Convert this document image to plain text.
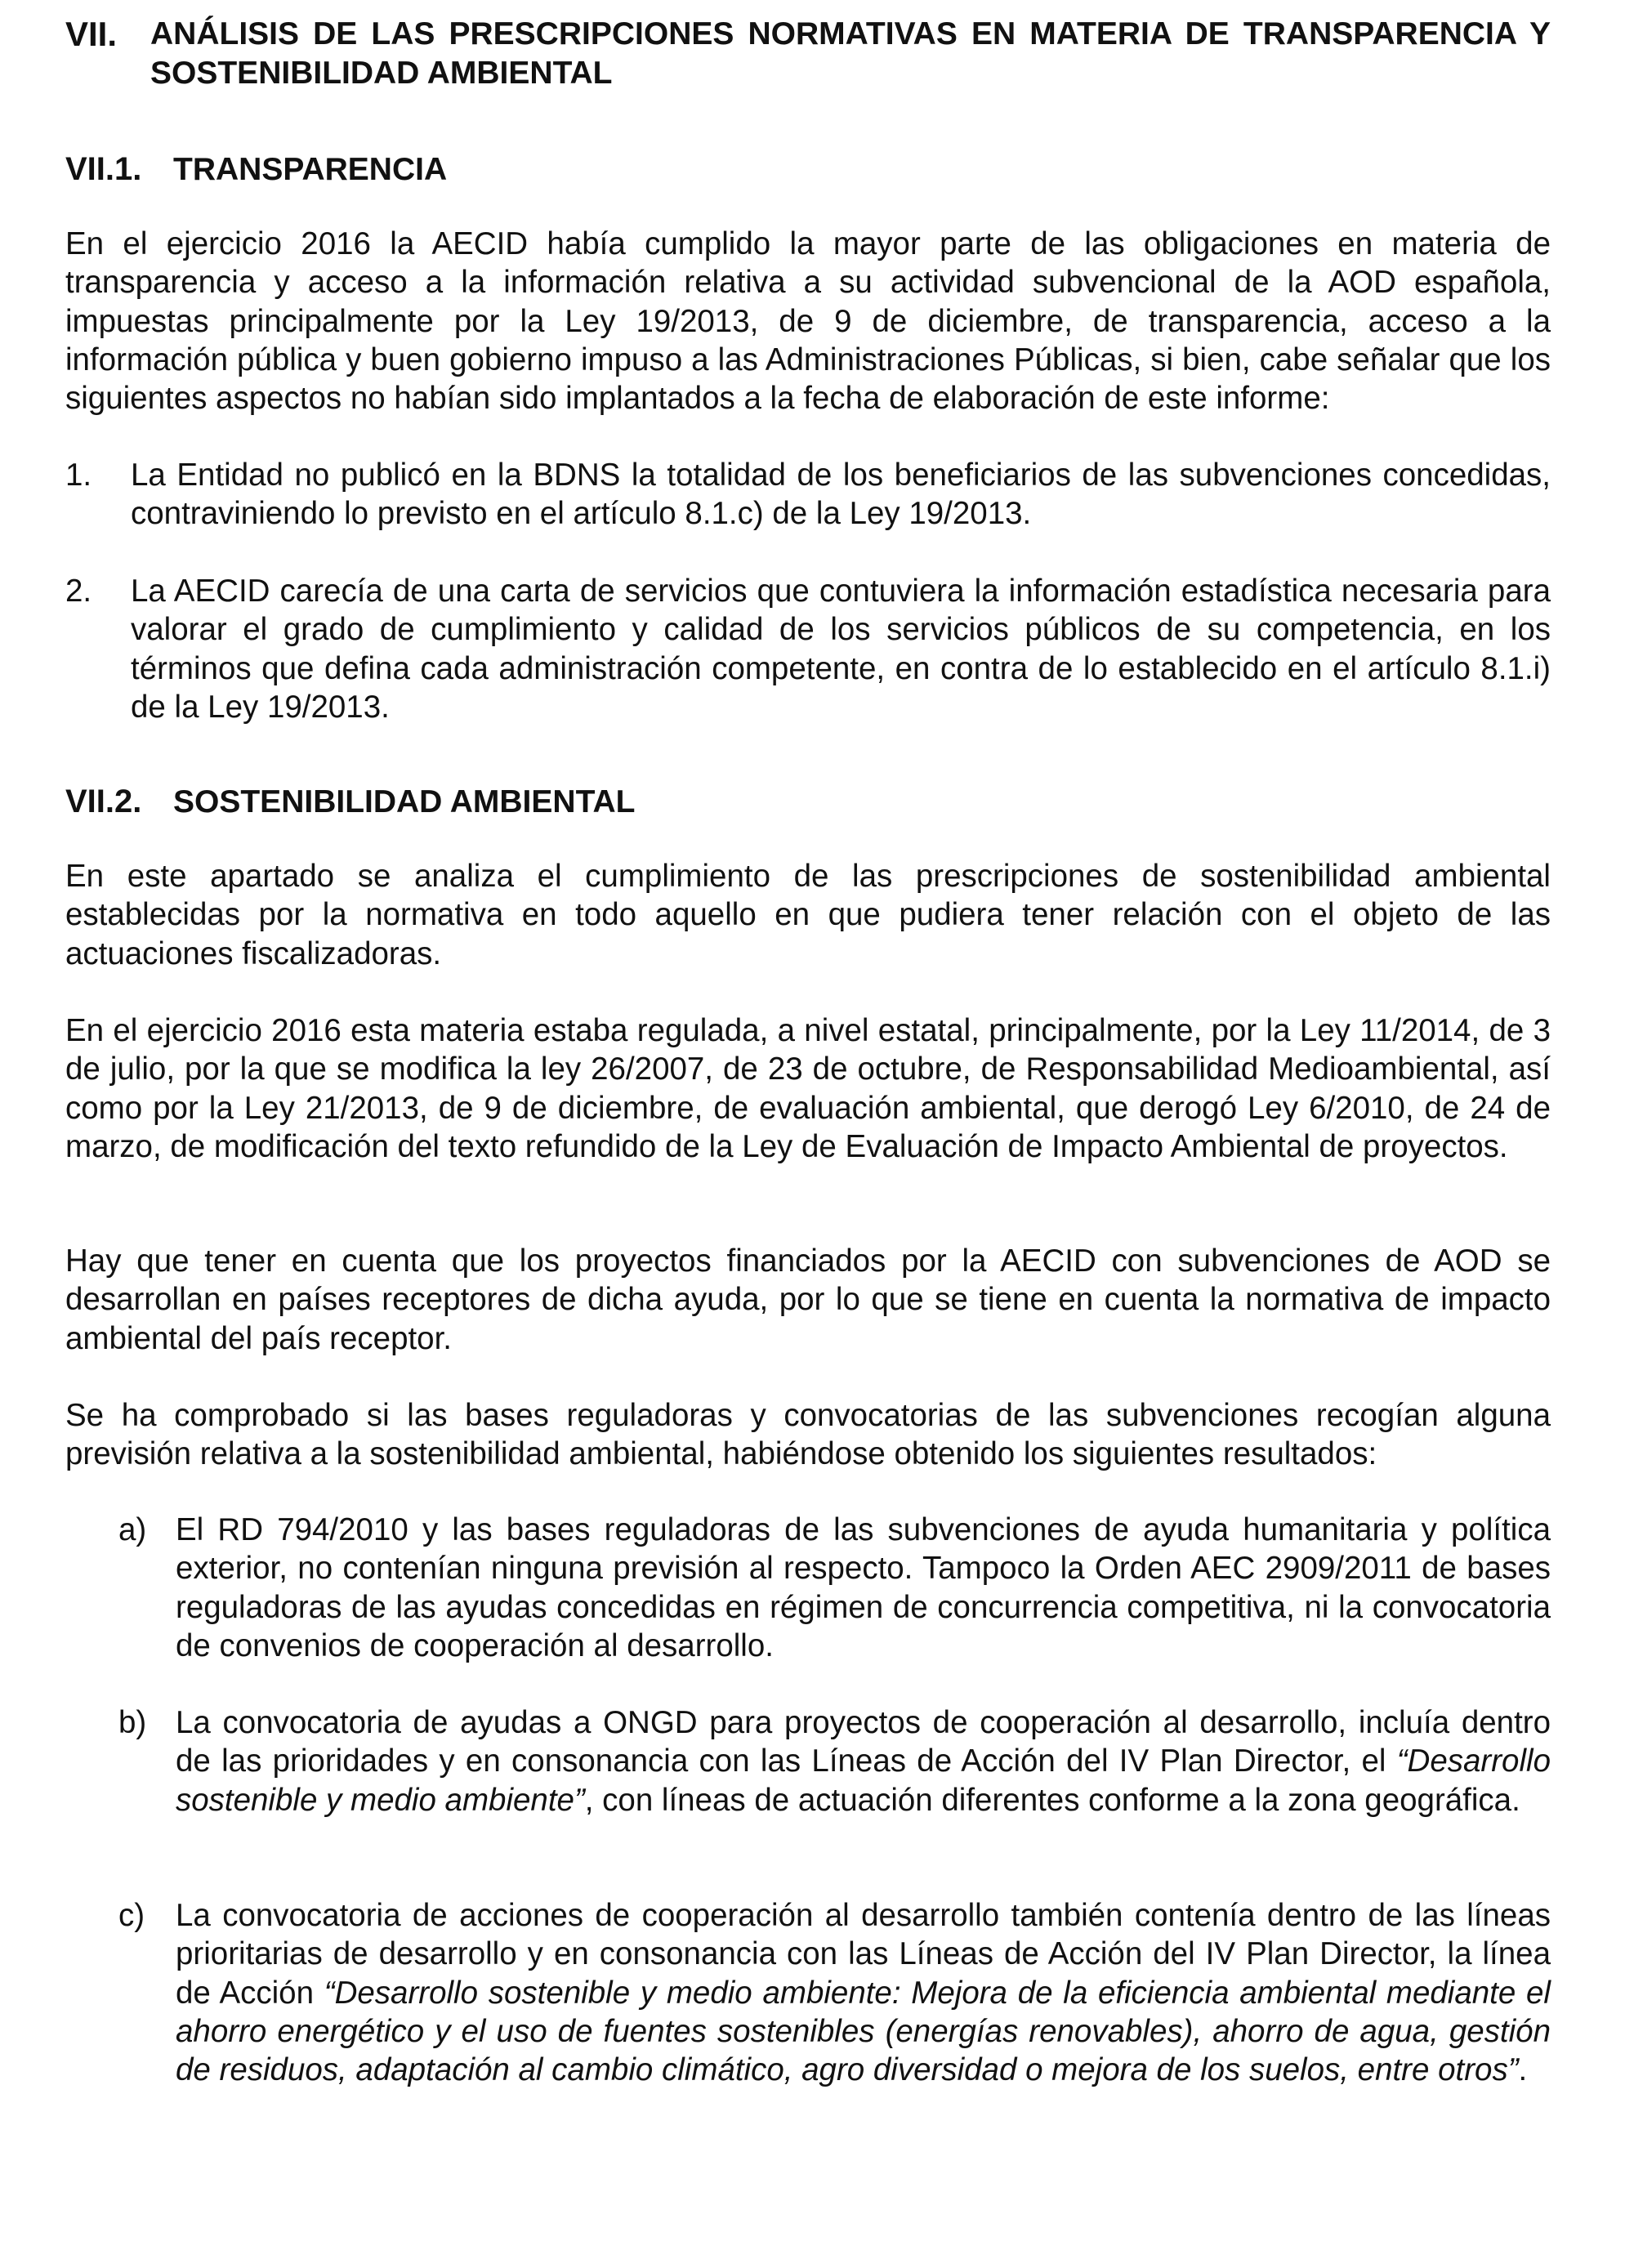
VII. ANÁLISIS DE LAS PRESCRIPCIONES NORMATIVAS EN MATERIA DE TRANSPARENCIA Y SOSTENIBILIDAD AMBIENTAL
VII.1. TRANSPARENCIA

En el ejercicio 2016 la AECID había cumplido la mayor parte de las obligaciones en materia de transparencia y acceso a la información relativa a su actividad subvencional de la AOD española, impuestas principalmente por la Ley 19/2013, de 9 de diciembre, de transparencia, acceso a la información pública y buen gobierno impuso a las Administraciones Públicas, si bien, cabe señalar que los siguientes aspectos no habían sido implantados a la fecha de elaboración de este informe:

1. La Entidad no publicó en la BDNS la totalidad de los beneficiarios de las subvenciones concedidas, contraviniendo lo previsto en el artículo 8.1.c) de la Ley 19/2013.
2. La AECID carecía de una carta de servicios que contuviera la información estadística necesaria para valorar el grado de cumplimiento y calidad de los servicios públicos de su competencia, en los términos que defina cada administración competente, en contra de lo establecido en el artículo 8.1.i) de la Ley 19/2013.
VII.2. SOSTENIBILIDAD AMBIENTAL

En este apartado se analiza el cumplimiento de las prescripciones de sostenibilidad ambiental establecidas por la normativa en todo aquello en que pudiera tener relación con el objeto de las actuaciones fiscalizadoras.

En el ejercicio 2016 esta materia estaba regulada, a nivel estatal, principalmente, por la Ley 11/2014, de 3 de julio, por la que se modifica la ley 26/2007, de 23 de octubre, de Responsabilidad Medioambiental, así como por la Ley 21/2013, de 9 de diciembre, de evaluación ambiental, que derogó Ley 6/2010, de 24 de marzo, de modificación del texto refundido de la Ley de Evaluación de Impacto Ambiental de proyectos.

Hay que tener en cuenta que los proyectos financiados por la AECID con subvenciones de AOD se desarrollan en países receptores de dicha ayuda, por lo que se tiene en cuenta la normativa de impacto ambiental del país receptor.

Se ha comprobado si las bases reguladoras y convocatorias de las subvenciones recogían alguna previsión relativa a la sostenibilidad ambiental, habiéndose obtenido los siguientes resultados:

a) El RD 794/2010 y las bases reguladoras de las subvenciones de ayuda humanitaria y política exterior, no contenían ninguna previsión al respecto. Tampoco la Orden AEC 2909/2011 de bases reguladoras de las ayudas concedidas en régimen de concurrencia competitiva, ni la convocatoria de convenios de cooperación al desarrollo.
b) La convocatoria de ayudas a ONGD para proyectos de cooperación al desarrollo, incluía dentro de las prioridades y en consonancia con las Líneas de Acción del IV Plan Director, el “Desarrollo sostenible y medio ambiente”, con líneas de actuación diferentes conforme a la zona geográfica.
c) La convocatoria de acciones de cooperación al desarrollo también contenía dentro de las líneas prioritarias de desarrollo y en consonancia con las Líneas de Acción del IV Plan Director, la línea de Acción “Desarrollo sostenible y medio ambiente: Mejora de la eficiencia ambiental mediante el ahorro energético y el uso de fuentes sostenibles (energías renovables), ahorro de agua, gestión de residuos, adaptación al cambio climático, agro diversidad o mejora de los suelos, entre otros”.
